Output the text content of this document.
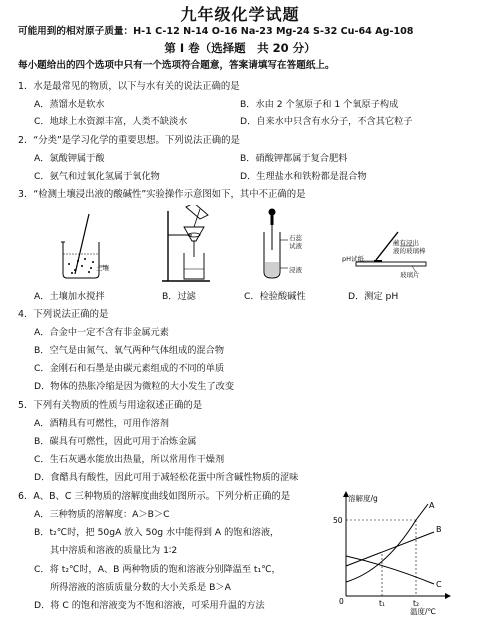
九年级化学试题
可能用到的相对原子质量：H-1 C-12 N-14 O-16 Na-23 Mg-24 S-32 Cu-64 Ag-108
第 I 卷（选择题　共 20 分）
每小题给出的四个选项中只有一个选项符合题意，答案请填写在答题纸上。
1．水是最常见的物质，以下与水有关的说法正确的是
A．蒸馏水是软水	B．水由 2 个氢原子和 1 个氧原子构成
C．地球上水资源丰富，人类不缺淡水	D．自来水中只含有水分子，不含其它粒子
2．“分类”是学习化学的重要思想。下列说法正确的是
A．氯酸钾属于酸	B．硝酸钾都属于复合肥料
C．氨气和过氧化氢属于氧化物	D．生理盐水和铁粉都是混合物
3．“检测土壤浸出液的酸碱性”实验操作示意图如下，其中不正确的是
土壤
石蕊
试液
浸液
pH试纸
蘸有浸出
液的玻璃棒
玻璃片
A．土壤加水搅拌	B．过滤	C．检验酸碱性	D．测定 pH
4．下列说法正确的是
A．合金中一定不含有非金属元素
B．空气是由氮气、氧气两种气体组成的混合物
C．金刚石和石墨是由碳元素组成的不同的单质
D．物体的热胀冷缩是因为微粒的大小发生了改变
5．下列有关物质的性质与用途叙述正确的是
A．酒精具有可燃性，可用作溶剂
B．碳具有可燃性，因此可用于冶炼金属
C．生石灰遇水能放出热量，所以常用作干燥剂
D．食醋具有酸性，因此可用于减轻松花蛋中所含碱性物质的涩味
6．A、B、C 三种物质的溶解度曲线如图所示。下列分析正确的是
A．三种物质的溶解度：A＞B＞C
B．t₂℃时，把 50gA 放入 50g 水中能得到 A 的饱和溶液，
其中溶质和溶液的质量比为 1∶2
C．将 t₂℃时，A、B 两种物质的饱和溶液分别降温至 t₁℃，
所得溶液的溶质质量分数的大小关系是 B＞A
D．将 C 的饱和溶液变为不饱和溶液，可采用升温的方法
溶解度/g
温度/℃
50
0	t₁	t₂
A
B
C
